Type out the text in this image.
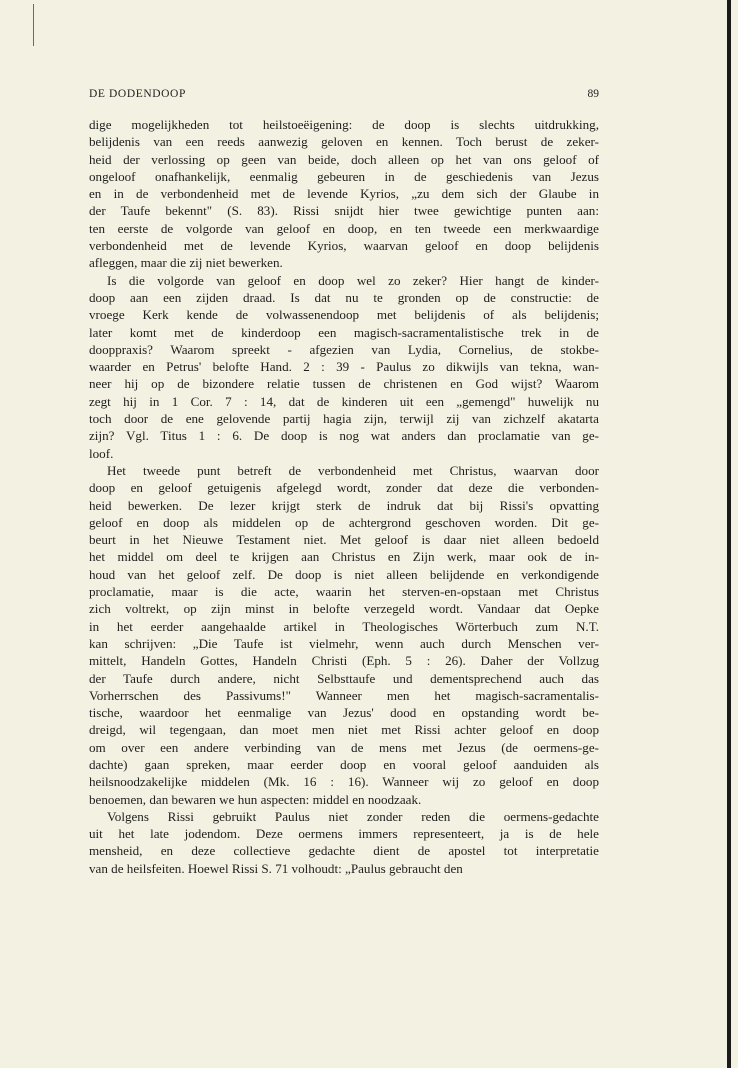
DE DODENDOOP	89
dige mogelijkheden tot heilstoeëigening: de doop is slechts uitdrukking,
belijdenis van een reeds aanwezig geloven en kennen. Toch berust de zeker-
heid der verlossing op geen van beide, doch alleen op het van ons geloof of
ongeloof onafhankelijk, eenmalig gebeuren in de geschiedenis van Jezus
en in de verbondenheid met de levende Kyrios, „zu dem sich der Glaube in
der Taufe bekennt" (S. 83). Rissi snijdt hier twee gewichtige punten aan:
ten eerste de volgorde van geloof en doop, en ten tweede een merkwaardige
verbondenheid met de levende Kyrios, waarvan geloof en doop belijdenis
afleggen, maar die zij niet bewerken.
Is die volgorde van geloof en doop wel zo zeker? Hier hangt de kinder-
doop aan een zijden draad. Is dat nu te gronden op de constructie: de
vroege Kerk kende de volwassenendoop met belijdenis of als belijdenis;
later komt met de kinderdoop een magisch-sacramentalistische trek in de
dooppraxis? Waarom spreekt - afgezien van Lydia, Cornelius, de stokbe-
waarder en Petrus' belofte Hand. 2 : 39 - Paulus zo dikwijls van tekna, wan-
neer hij op de bizondere relatie tussen de christenen en God wijst? Waarom
zegt hij in 1 Cor. 7 : 14, dat de kinderen uit een „gemengd" huwelijk nu
toch door de ene gelovende partij hagia zijn, terwijl zij van zichzelf akatarta
zijn? Vgl. Titus 1 : 6. De doop is nog wat anders dan proclamatie van ge-
loof.
Het tweede punt betreft de verbondenheid met Christus, waarvan door
doop en geloof getuigenis afgelegd wordt, zonder dat deze die verbonden-
heid bewerken. De lezer krijgt sterk de indruk dat bij Rissi's opvatting
geloof en doop als middelen op de achtergrond geschoven worden. Dit ge-
beurt in het Nieuwe Testament niet. Met geloof is daar niet alleen bedoeld
het middel om deel te krijgen aan Christus en Zijn werk, maar ook de in-
houd van het geloof zelf. De doop is niet alleen belijdende en verkondigende
proclamatie, maar is die acte, waarin het sterven-en-opstaan met Christus
zich voltrekt, op zijn minst in belofte verzegeld wordt. Vandaar dat Oepke
in het eerder aangehaalde artikel in Theologisches Wörterbuch zum N.T.
kan schrijven: „Die Taufe ist vielmehr, wenn auch durch Menschen ver-
mittelt, Handeln Gottes, Handeln Christi (Eph. 5 : 26). Daher der Vollzug
der Taufe durch andere, nicht Selbsttaufe und dementsprechend auch das
Vorherrschen des Passivums!" Wanneer men het magisch-sacramentalis-
tische, waardoor het eenmalige van Jezus' dood en opstanding wordt be-
dreigd, wil tegengaan, dan moet men niet met Rissi achter geloof en doop
om over een andere verbinding van de mens met Jezus (de oermens-ge-
dachte) gaan spreken, maar eerder doop en vooral geloof aanduiden als
heilsnoodzakelijke middelen (Mk. 16 : 16). Wanneer wij zo geloof en doop
benoemen, dan bewaren we hun aspecten: middel en noodzaak.
Volgens Rissi gebruikt Paulus niet zonder reden die oermens-gedachte
uit het late jodendom. Deze oermens immers representeert, ja is de hele
mensheid, en deze collectieve gedachte dient de apostel tot interpretatie
van de heilsfeiten. Hoewel Rissi S. 71 volhoudt: „Paulus gebraucht den
